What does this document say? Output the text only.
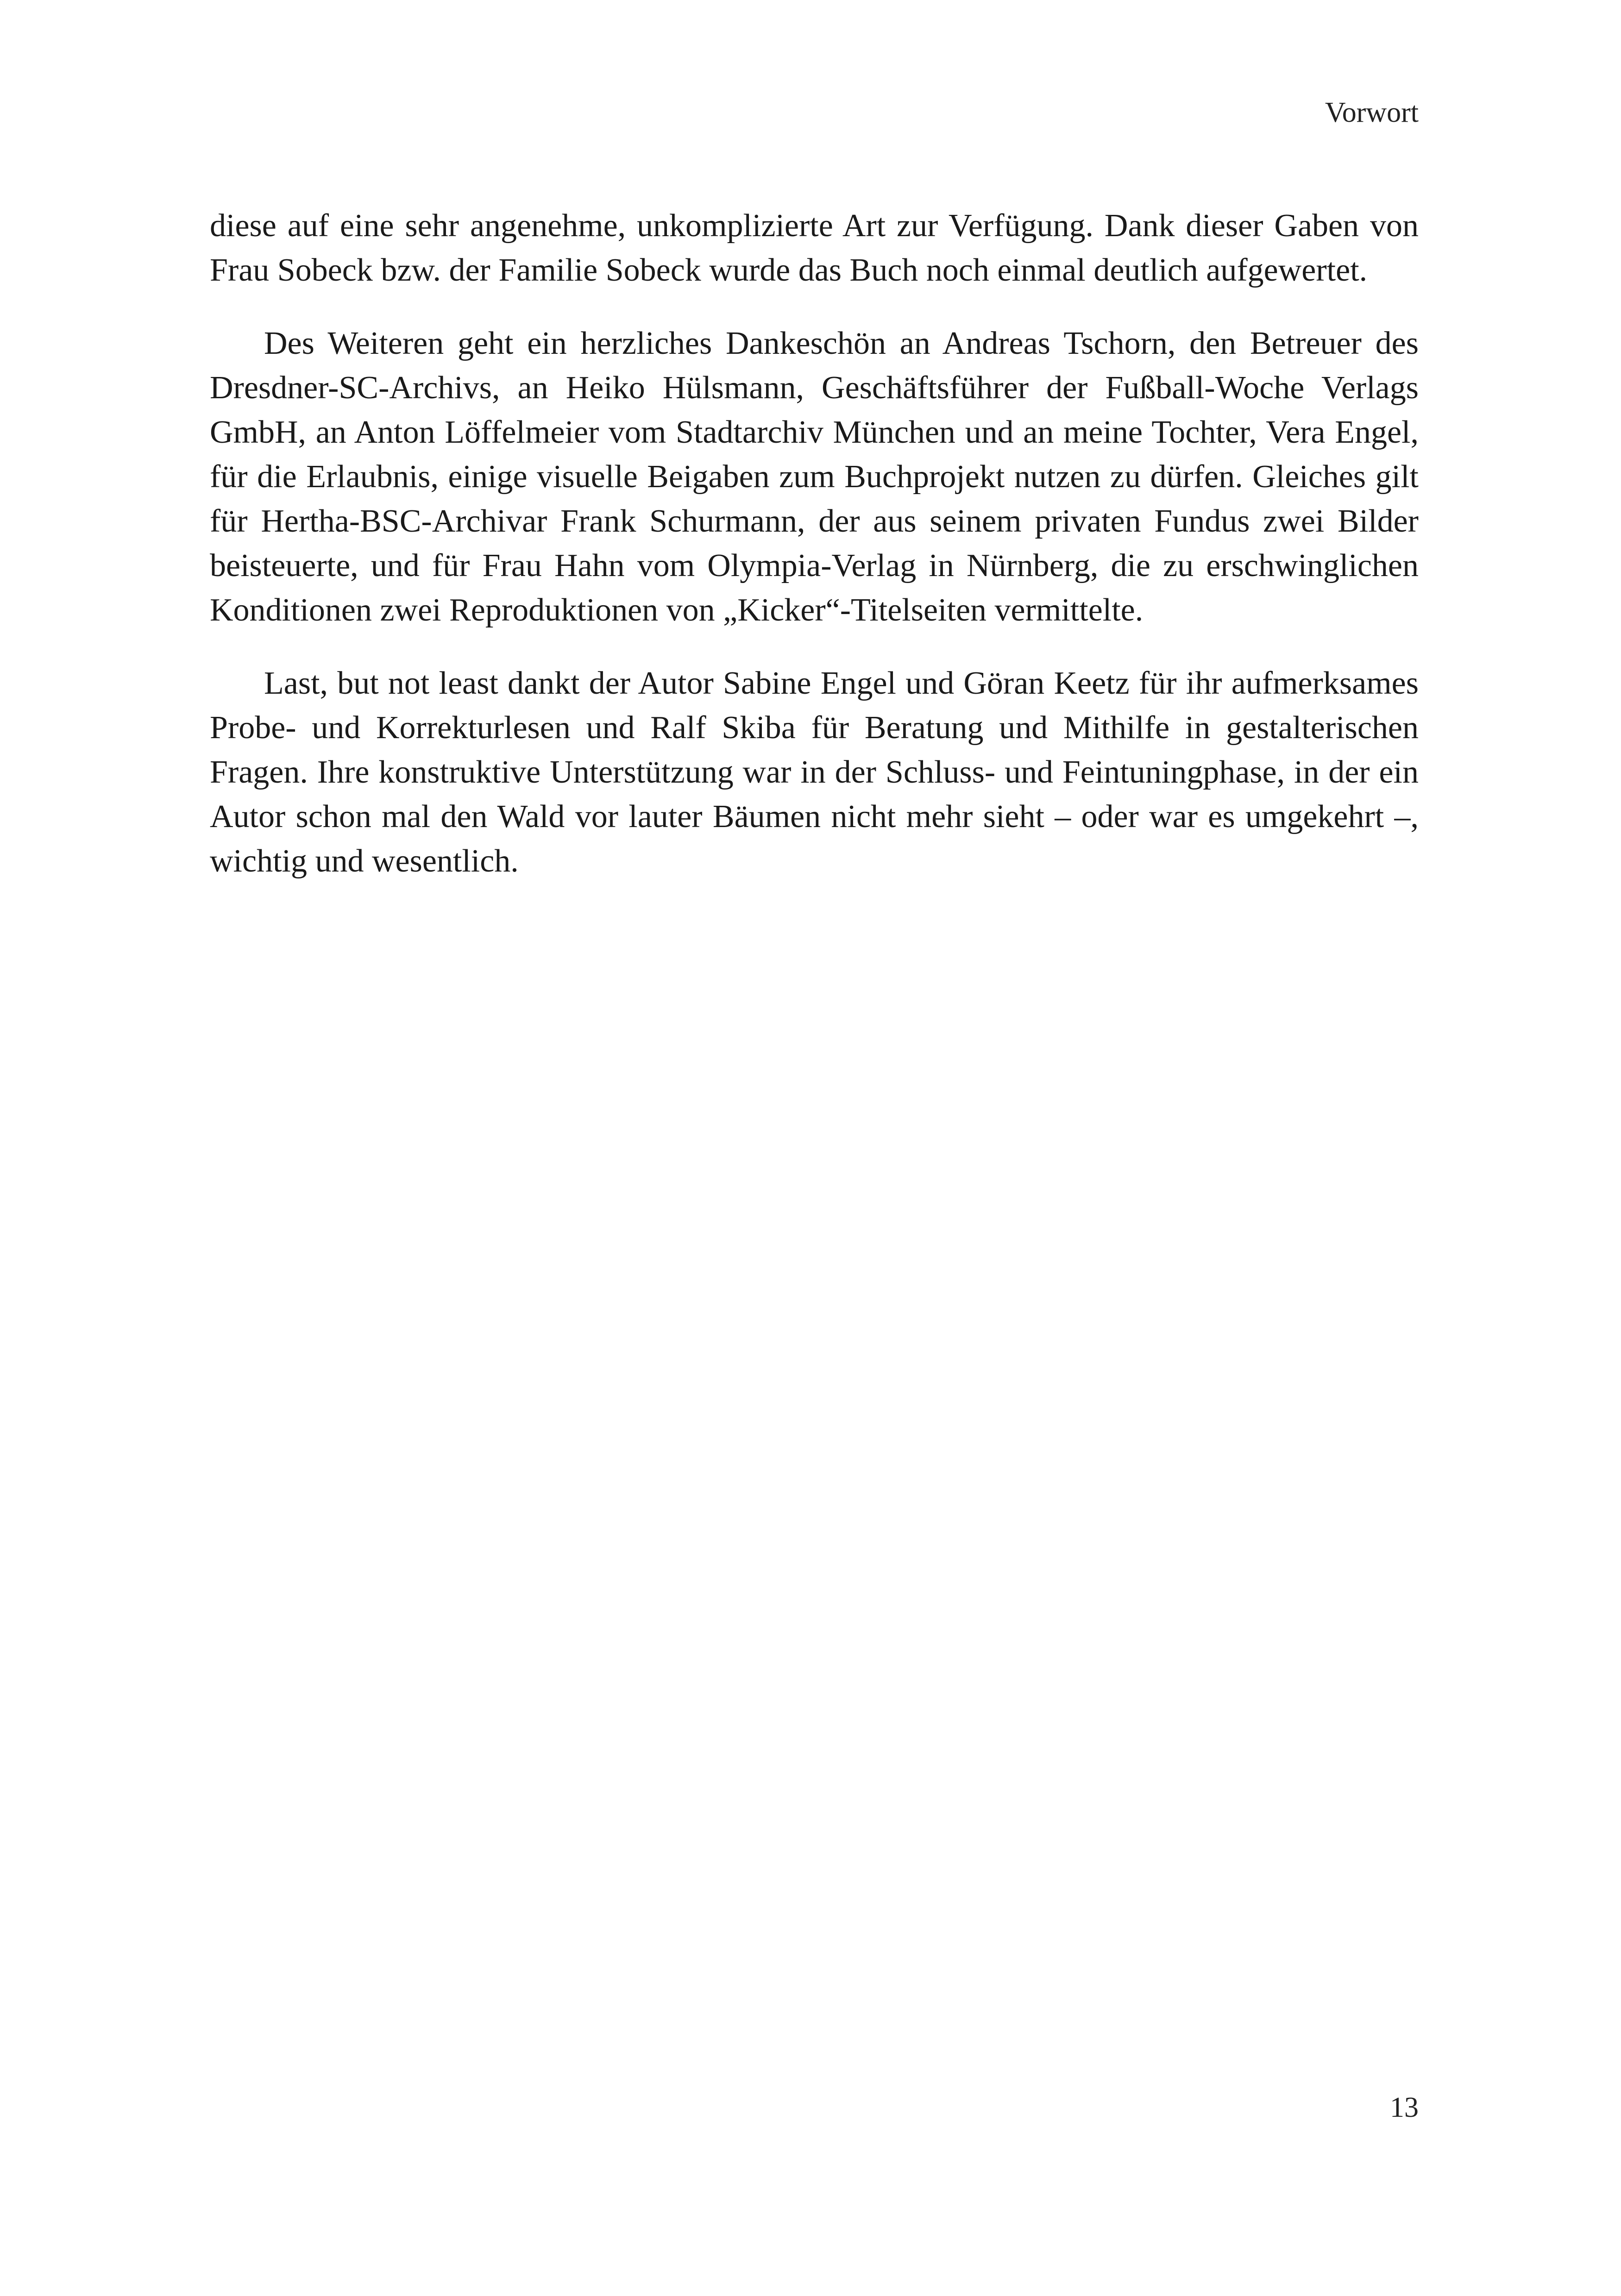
Vorwort

diese auf eine sehr angenehme, unkomplizierte Art zur Verfügung. Dank dieser Gaben von Frau Sobeck bzw. der Familie Sobeck wurde das Buch noch einmal deutlich aufgewertet.

Des Weiteren geht ein herzliches Dankeschön an Andreas Tschorn, den Betreuer des Dresdner-SC-Archivs, an Heiko Hülsmann, Geschäftsführer der Fußball-Woche Verlags GmbH, an Anton Löffelmeier vom Stadtarchiv München und an meine Tochter, Vera Engel, für die Erlaubnis, einige visuelle Beigaben zum Buchprojekt nutzen zu dürfen. Gleiches gilt für Hertha-BSC-Archivar Frank Schurmann, der aus seinem privaten Fundus zwei Bilder beisteuerte, und für Frau Hahn vom Olympia-Verlag in Nürnberg, die zu erschwinglichen Konditionen zwei Reproduktionen von „Kicker“-Titelseiten vermittelte.

Last, but not least dankt der Autor Sabine Engel und Göran Keetz für ihr aufmerksames Probe- und Korrekturlesen und Ralf Skiba für Beratung und Mithilfe in gestalterischen Fragen. Ihre konstruktive Unterstützung war in der Schluss- und Feintuningphase, in der ein Autor schon mal den Wald vor lauter Bäumen nicht mehr sieht – oder war es umgekehrt –, wichtig und wesentlich.

13
